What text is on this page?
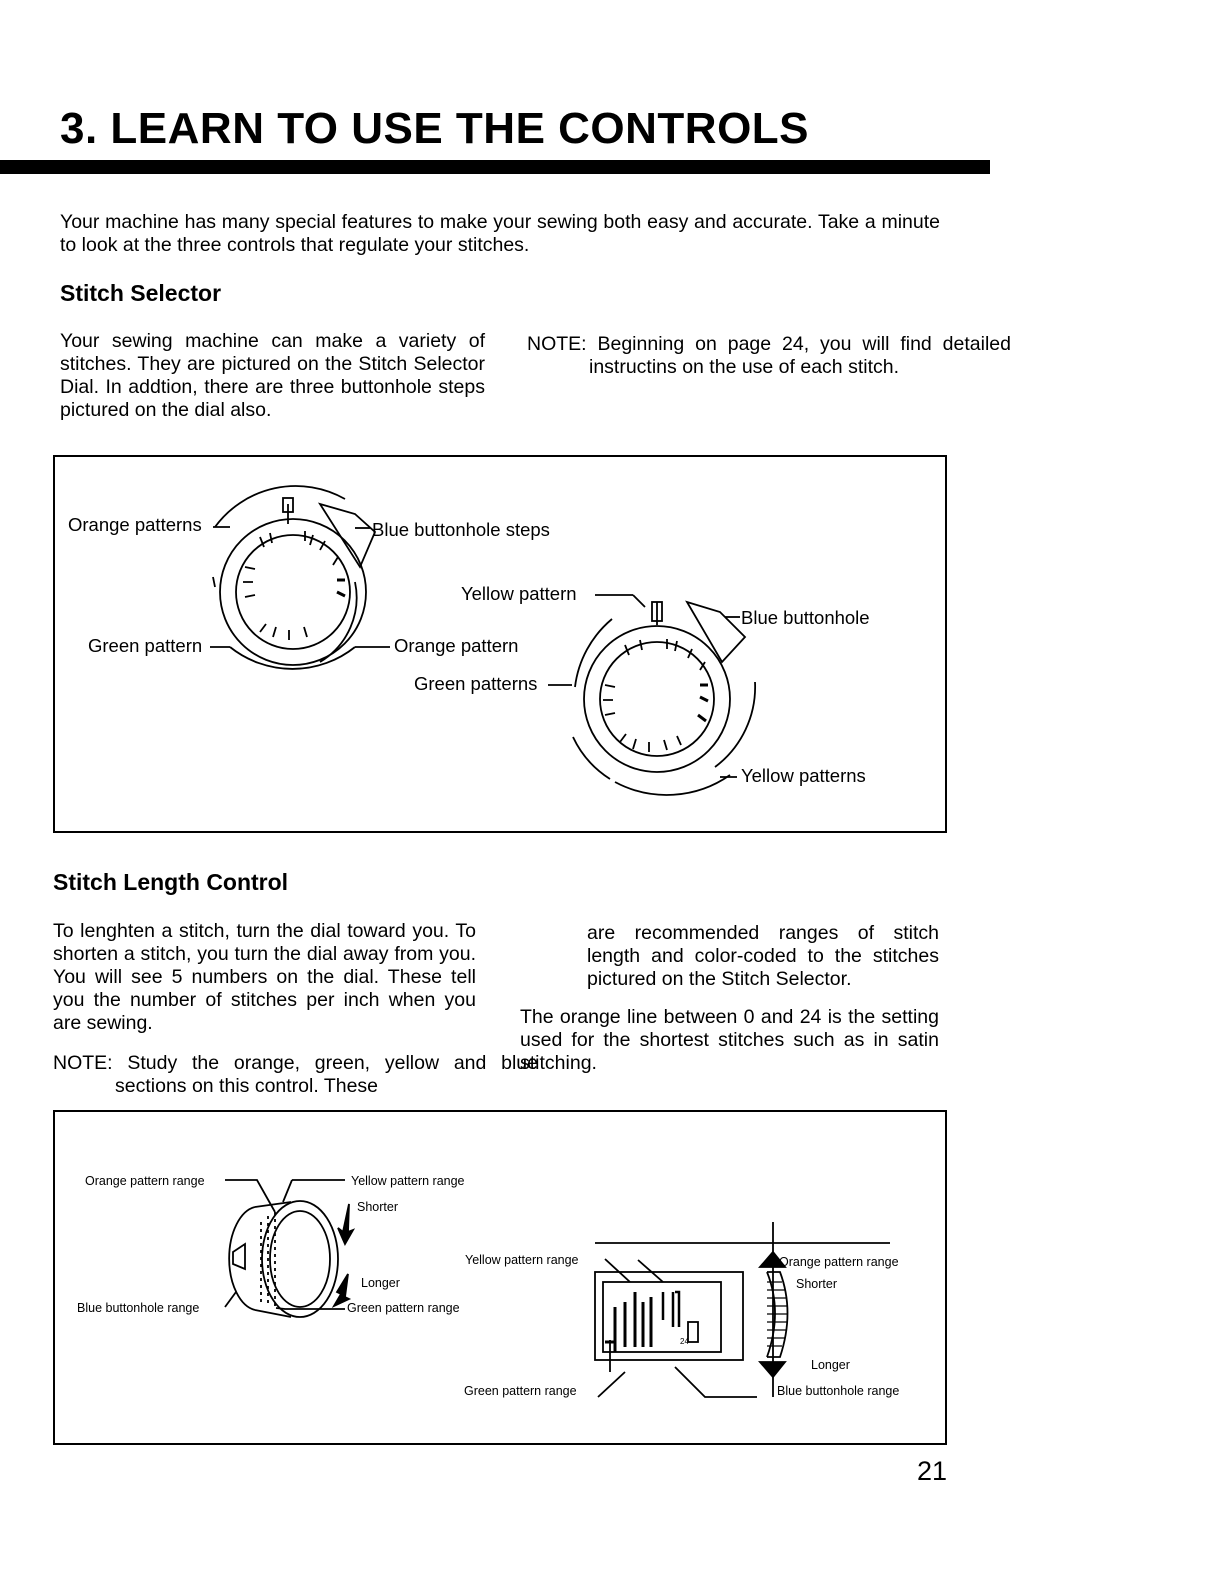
3. LEARN TO USE THE CONTROLS
Your machine has many special features to make your sewing both easy and accurate. Take a minute to look at the three controls that regulate your stitches.
Stitch Selector
Your sewing machine can make a variety of stitches. They are pictured on the Stitch Selector Dial. In addtion, there are three buttonhole steps pictured on the dial also.
NOTE: Beginning on page 24, you will find detailed instructins on the use of each stitch.
Orange patterns	Blue buttonhole steps
Green pattern	Orange pattern
Yellow pattern
Blue buttonhole
Green patterns
Yellow patterns
Stitch Length Control
To lenghten a stitch, turn the dial toward you. To shorten a stitch, you turn the dial away from you. You will see 5 numbers on the dial. These tell you the number of stitches per inch when you are sewing.
NOTE: Study the orange, green, yellow and blue sections on this control. These
are recommended ranges of stitch length and color-coded to the stitches pictured on the Stitch Selector.
The orange line between 0 and 24 is the setting used for the shortest stitches such as in satin stitching.
Orange pattern range	Yellow pattern range
Shorter
Longer
Blue buttonhole range	Green pattern range
Yellow pattern range	Orange pattern range
Shorter
Longer
Green pattern range	Blue buttonhole range
24
21
